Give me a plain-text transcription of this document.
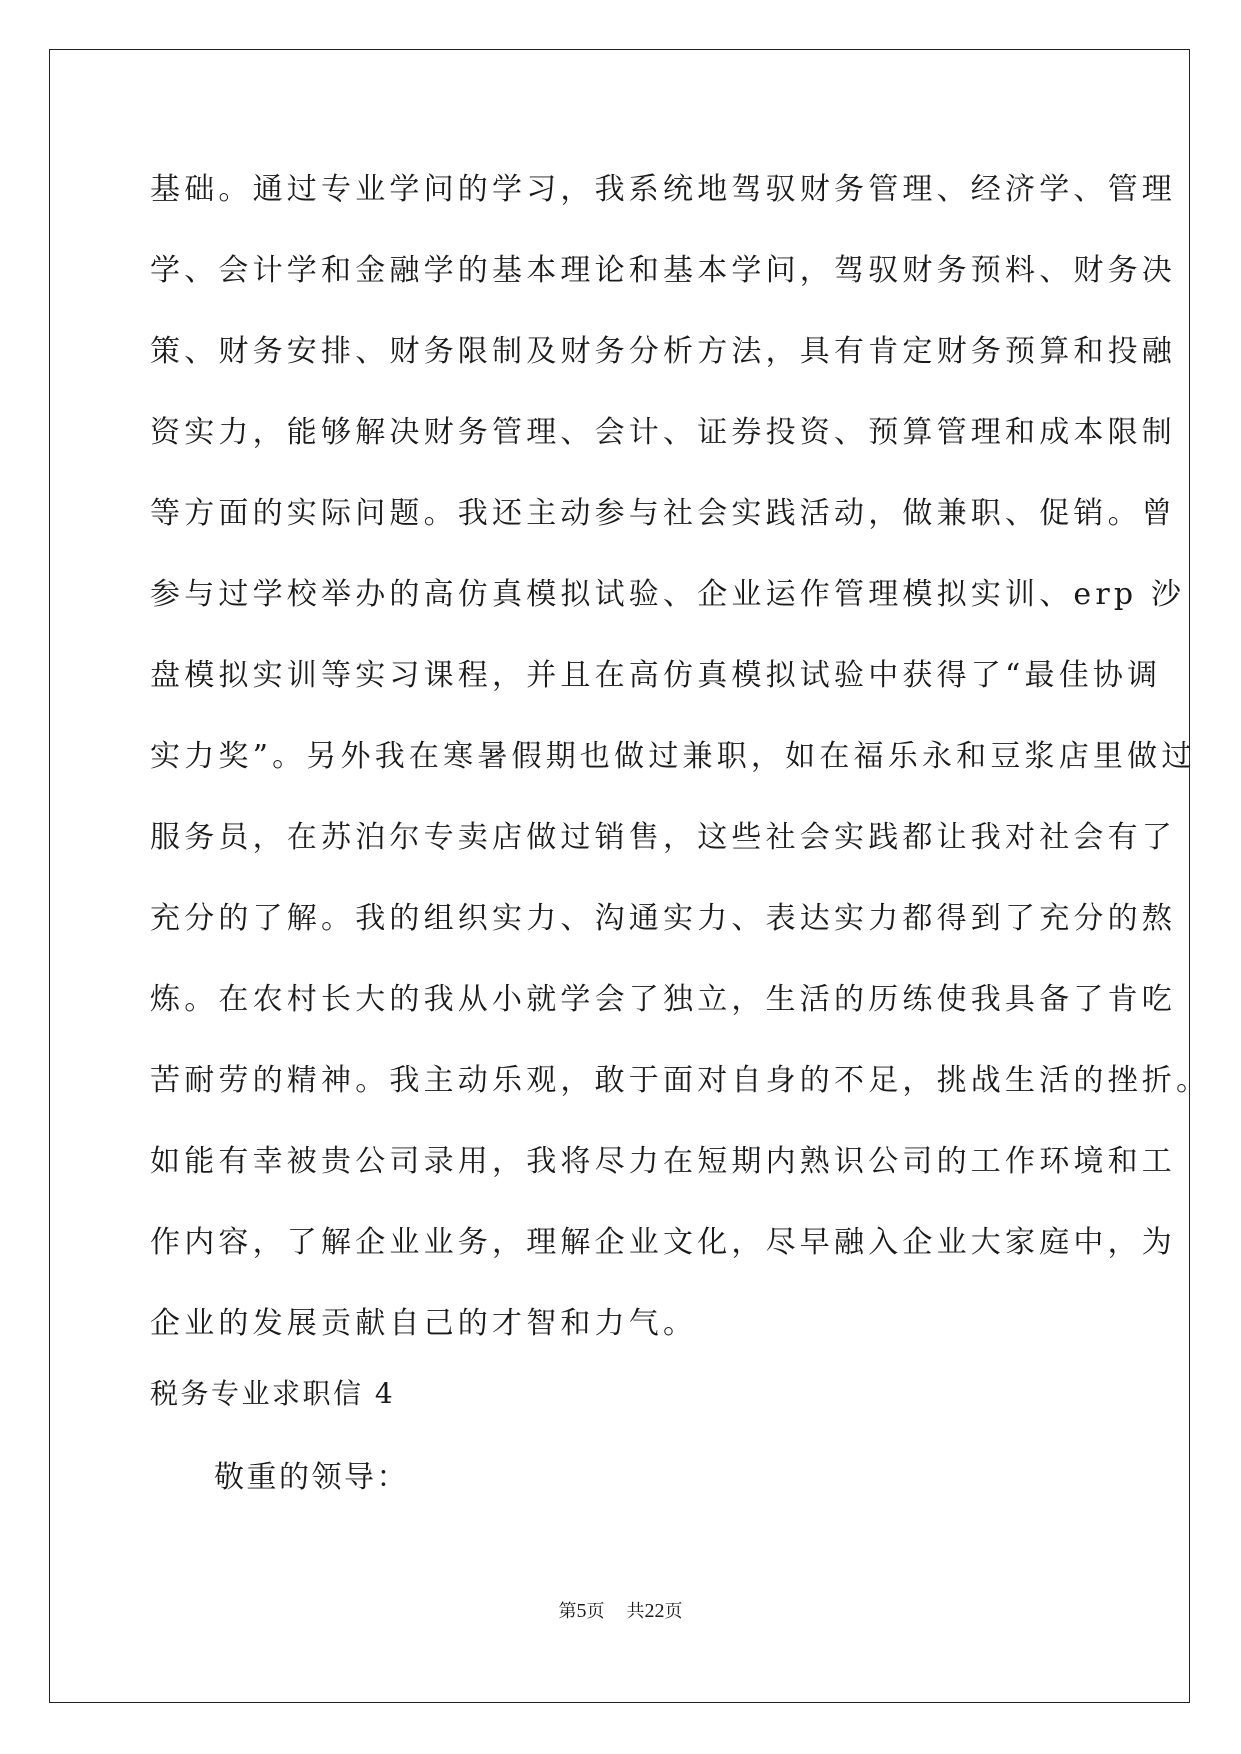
基础。通过专业学问的学习，我系统地驾驭财务管理、经济学、管理
学、会计学和金融学的基本理论和基本学问，驾驭财务预料、财务决
策、财务安排、财务限制及财务分析方法，具有肯定财务预算和投融
资实力，能够解决财务管理、会计、证券投资、预算管理和成本限制
等方面的实际问题。我还主动参与社会实践活动，做兼职、促销。曾
参与过学校举办的高仿真模拟试验、企业运作管理模拟实训、erp 沙
盘模拟实训等实习课程，并且在高仿真模拟试验中获得了“最佳协调
实力奖”。另外我在寒暑假期也做过兼职，如在福乐永和豆浆店里做过
服务员，在苏泊尔专卖店做过销售，这些社会实践都让我对社会有了
充分的了解。我的组织实力、沟通实力、表达实力都得到了充分的熬
炼。在农村长大的我从小就学会了独立，生活的历练使我具备了肯吃
苦耐劳的精神。我主动乐观，敢于面对自身的不足，挑战生活的挫折。
如能有幸被贵公司录用，我将尽力在短期内熟识公司的工作环境和工
作内容，了解企业业务，理解企业文化，尽早融入企业大家庭中，为
企业的发展贡献自己的才智和力气。
税务专业求职信 4
敬重的领导：
第5页 共22页
